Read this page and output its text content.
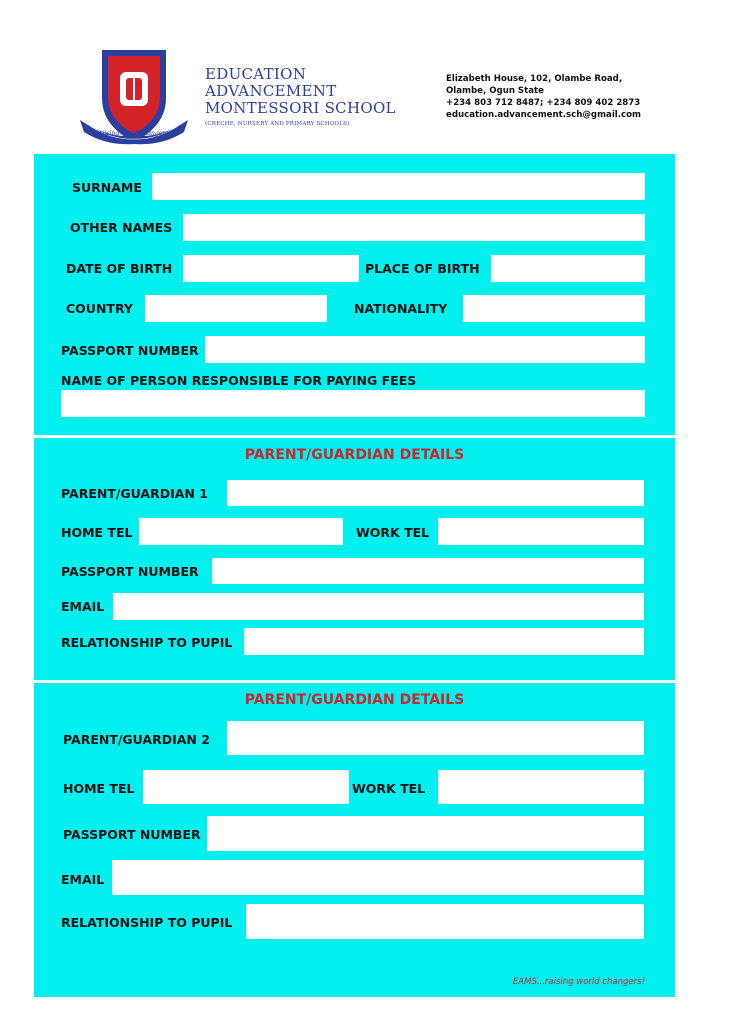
raising world changers
EDUCATION
ADVANCEMENT
MONTESSORI SCHOOL
(CRECHE, NURSERY AND PRIMARY SCHOOLS)
Elizabeth House, 102, Olambe Road,
Olambe, Ogun State
+234 803 712 8487; +234 809 402 2873
education.advancement.sch@gmail.com
SURNAME
OTHER NAMES
DATE OF BIRTH	PLACE OF BIRTH
COUNTRY	NATIONALITY
PASSPORT NUMBER
NAME OF PERSON RESPONSIBLE FOR PAYING FEES
PARENT/GUARDIAN DETAILS
PARENT/GUARDIAN 1
HOME TEL	WORK TEL
PASSPORT NUMBER
EMAIL
RELATIONSHIP TO PUPIL
PARENT/GUARDIAN DETAILS
PARENT/GUARDIAN 2
HOME TEL	WORK TEL
PASSPORT NUMBER
EMAIL
RELATIONSHIP TO PUPIL
EAMS...raising world changers!
